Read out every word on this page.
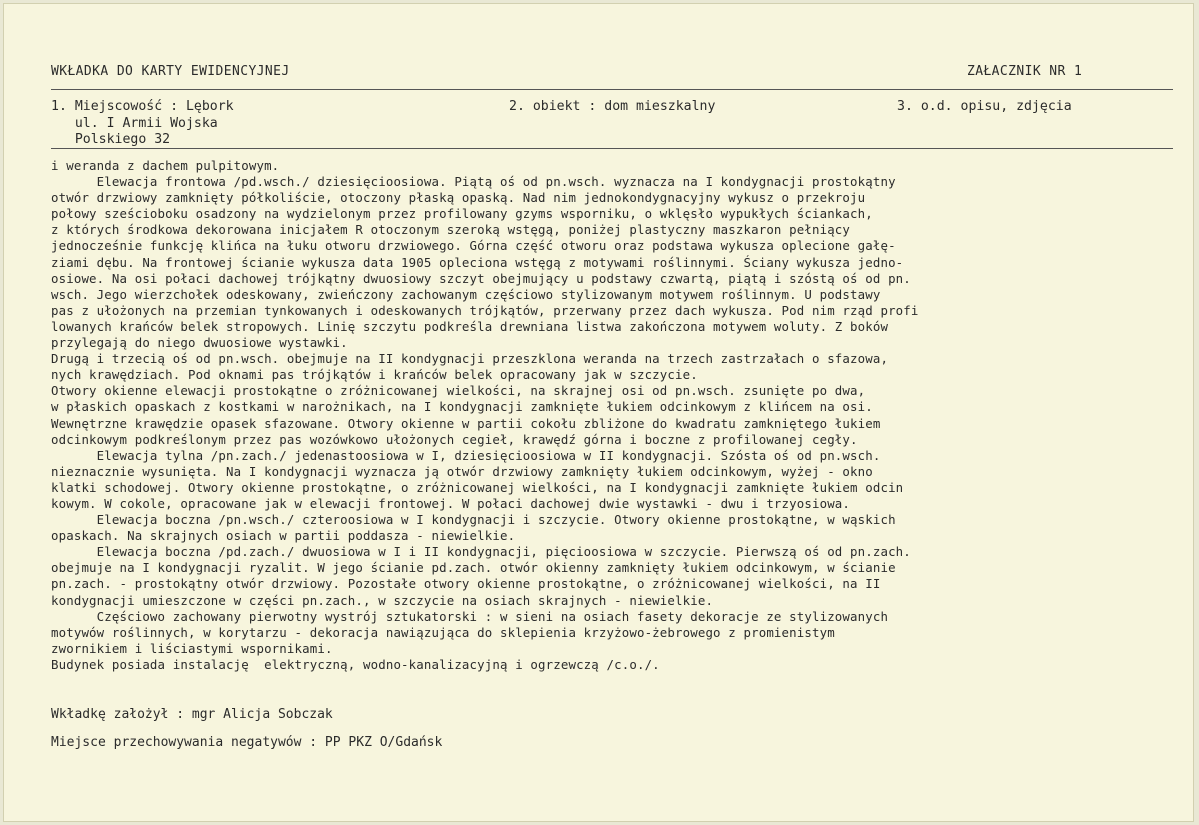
WKŁADKA DO KARTY EWIDENCYJNEJ	ZAŁACZNIK NR 1
1. Miejscowość : Lębork
ul. I Armii Wojska
Polskiego 32
2. obiekt : dom mieszkalny	3. o.d. opisu, zdjęcia
i weranda z dachem pulpitowym.
Elewacja frontowa /pd.wsch./ dziesięcioosiowa. Piątą oś od pn.wsch. wyznacza na I kondygnacji prostokątny
otwór drzwiowy zamknięty półkoliście, otoczony płaską opaską. Nad nim jednokondygnacyjny wykusz o przekroju
połowy sześcioboku osadzony na wydzielonym przez profilowany gzyms wsporniku, o wklęsło wypukłych ściankach,
z których środkowa dekorowana inicjałem R otoczonym szeroką wstęgą, poniżej plastyczny maszkaron pełniący
jednocześnie funkcję klińca na łuku otworu drzwiowego. Górna część otworu oraz podstawa wykusza oplecione gałę-
ziami dębu. Na frontowej ścianie wykusza data 1905 opleciona wstęgą z motywami roślinnymi. Ściany wykusza jedno-
osiowe. Na osi połaci dachowej trójkątny dwuosiowy szczyt obejmujący u podstawy czwartą, piątą i szóstą oś od pn.
wsch. Jego wierzchołek odeskowany, zwieńczony zachowanym częściowo stylizowanym motywem roślinnym. U podstawy
pas z ułożonych na przemian tynkowanych i odeskowanych trójkątów, przerwany przez dach wykusza. Pod nim rząd profi
lowanych krańców belek stropowych. Linię szczytu podkreśla drewniana listwa zakończona motywem woluty. Z boków
przylegają do niego dwuosiowe wystawki.
Drugą i trzecią oś od pn.wsch. obejmuje na II kondygnacji przeszklona weranda na trzech zastrzałach o sfazowa,
nych krawędziach. Pod oknami pas trójkątów i krańców belek opracowany jak w szczycie.
Otwory okienne elewacji prostokątne o zróżnicowanej wielkości, na skrajnej osi od pn.wsch. zsunięte po dwa,
w płaskich opaskach z kostkami w narożnikach, na I kondygnacji zamknięte łukiem odcinkowym z klińcem na osi.
Wewnętrzne krawędzie opasek sfazowane. Otwory okienne w partii cokołu zbliżone do kwadratu zamkniętego łukiem
odcinkowym podkreślonym przez pas wozówkowo ułożonych cegieł, krawędź górna i boczne z profilowanej cegły.
Elewacja tylna /pn.zach./ jedenastoosiowa w I, dziesięcioosiowa w II kondygnacji. Szósta oś od pn.wsch.
nieznacznie wysunięta. Na I kondygnacji wyznacza ją otwór drzwiowy zamknięty łukiem odcinkowym, wyżej - okno
klatki schodowej. Otwory okienne prostokątne, o zróżnicowanej wielkości, na I kondygnacji zamknięte łukiem odcin
kowym. W cokole, opracowane jak w elewacji frontowej. W połaci dachowej dwie wystawki - dwu i trzyosiowa.
Elewacja boczna /pn.wsch./ czteroosiowa w I kondygnacji i szczycie. Otwory okienne prostokątne, w wąskich
opaskach. Na skrajnych osiach w partii poddasza - niewielkie.
Elewacja boczna /pd.zach./ dwuosiowa w I i II kondygnacji, pięcioosiowa w szczycie. Pierwszą oś od pn.zach.
obejmuje na I kondygnacji ryzalit. W jego ścianie pd.zach. otwór okienny zamknięty łukiem odcinkowym, w ścianie
pn.zach. - prostokątny otwór drzwiowy. Pozostałe otwory okienne prostokątne, o zróżnicowanej wielkości, na II
kondygnacji umieszczone w części pn.zach., w szczycie na osiach skrajnych - niewielkie.
Częściowo zachowany pierwotny wystrój sztukatorski : w sieni na osiach fasety dekoracje ze stylizowanych
motywów roślinnych, w korytarzu - dekoracja nawiązująca do sklepienia krzyżowo-żebrowego z promienistym
zwornikiem i liściastymi wspornikami.
Budynek posiada instalację  elektryczną, wodno-kanalizacyjną i ogrzewczą /c.o./.
Wkładkę założył : mgr Alicja Sobczak
Miejsce przechowywania negatywów : PP PKZ O/Gdańsk
